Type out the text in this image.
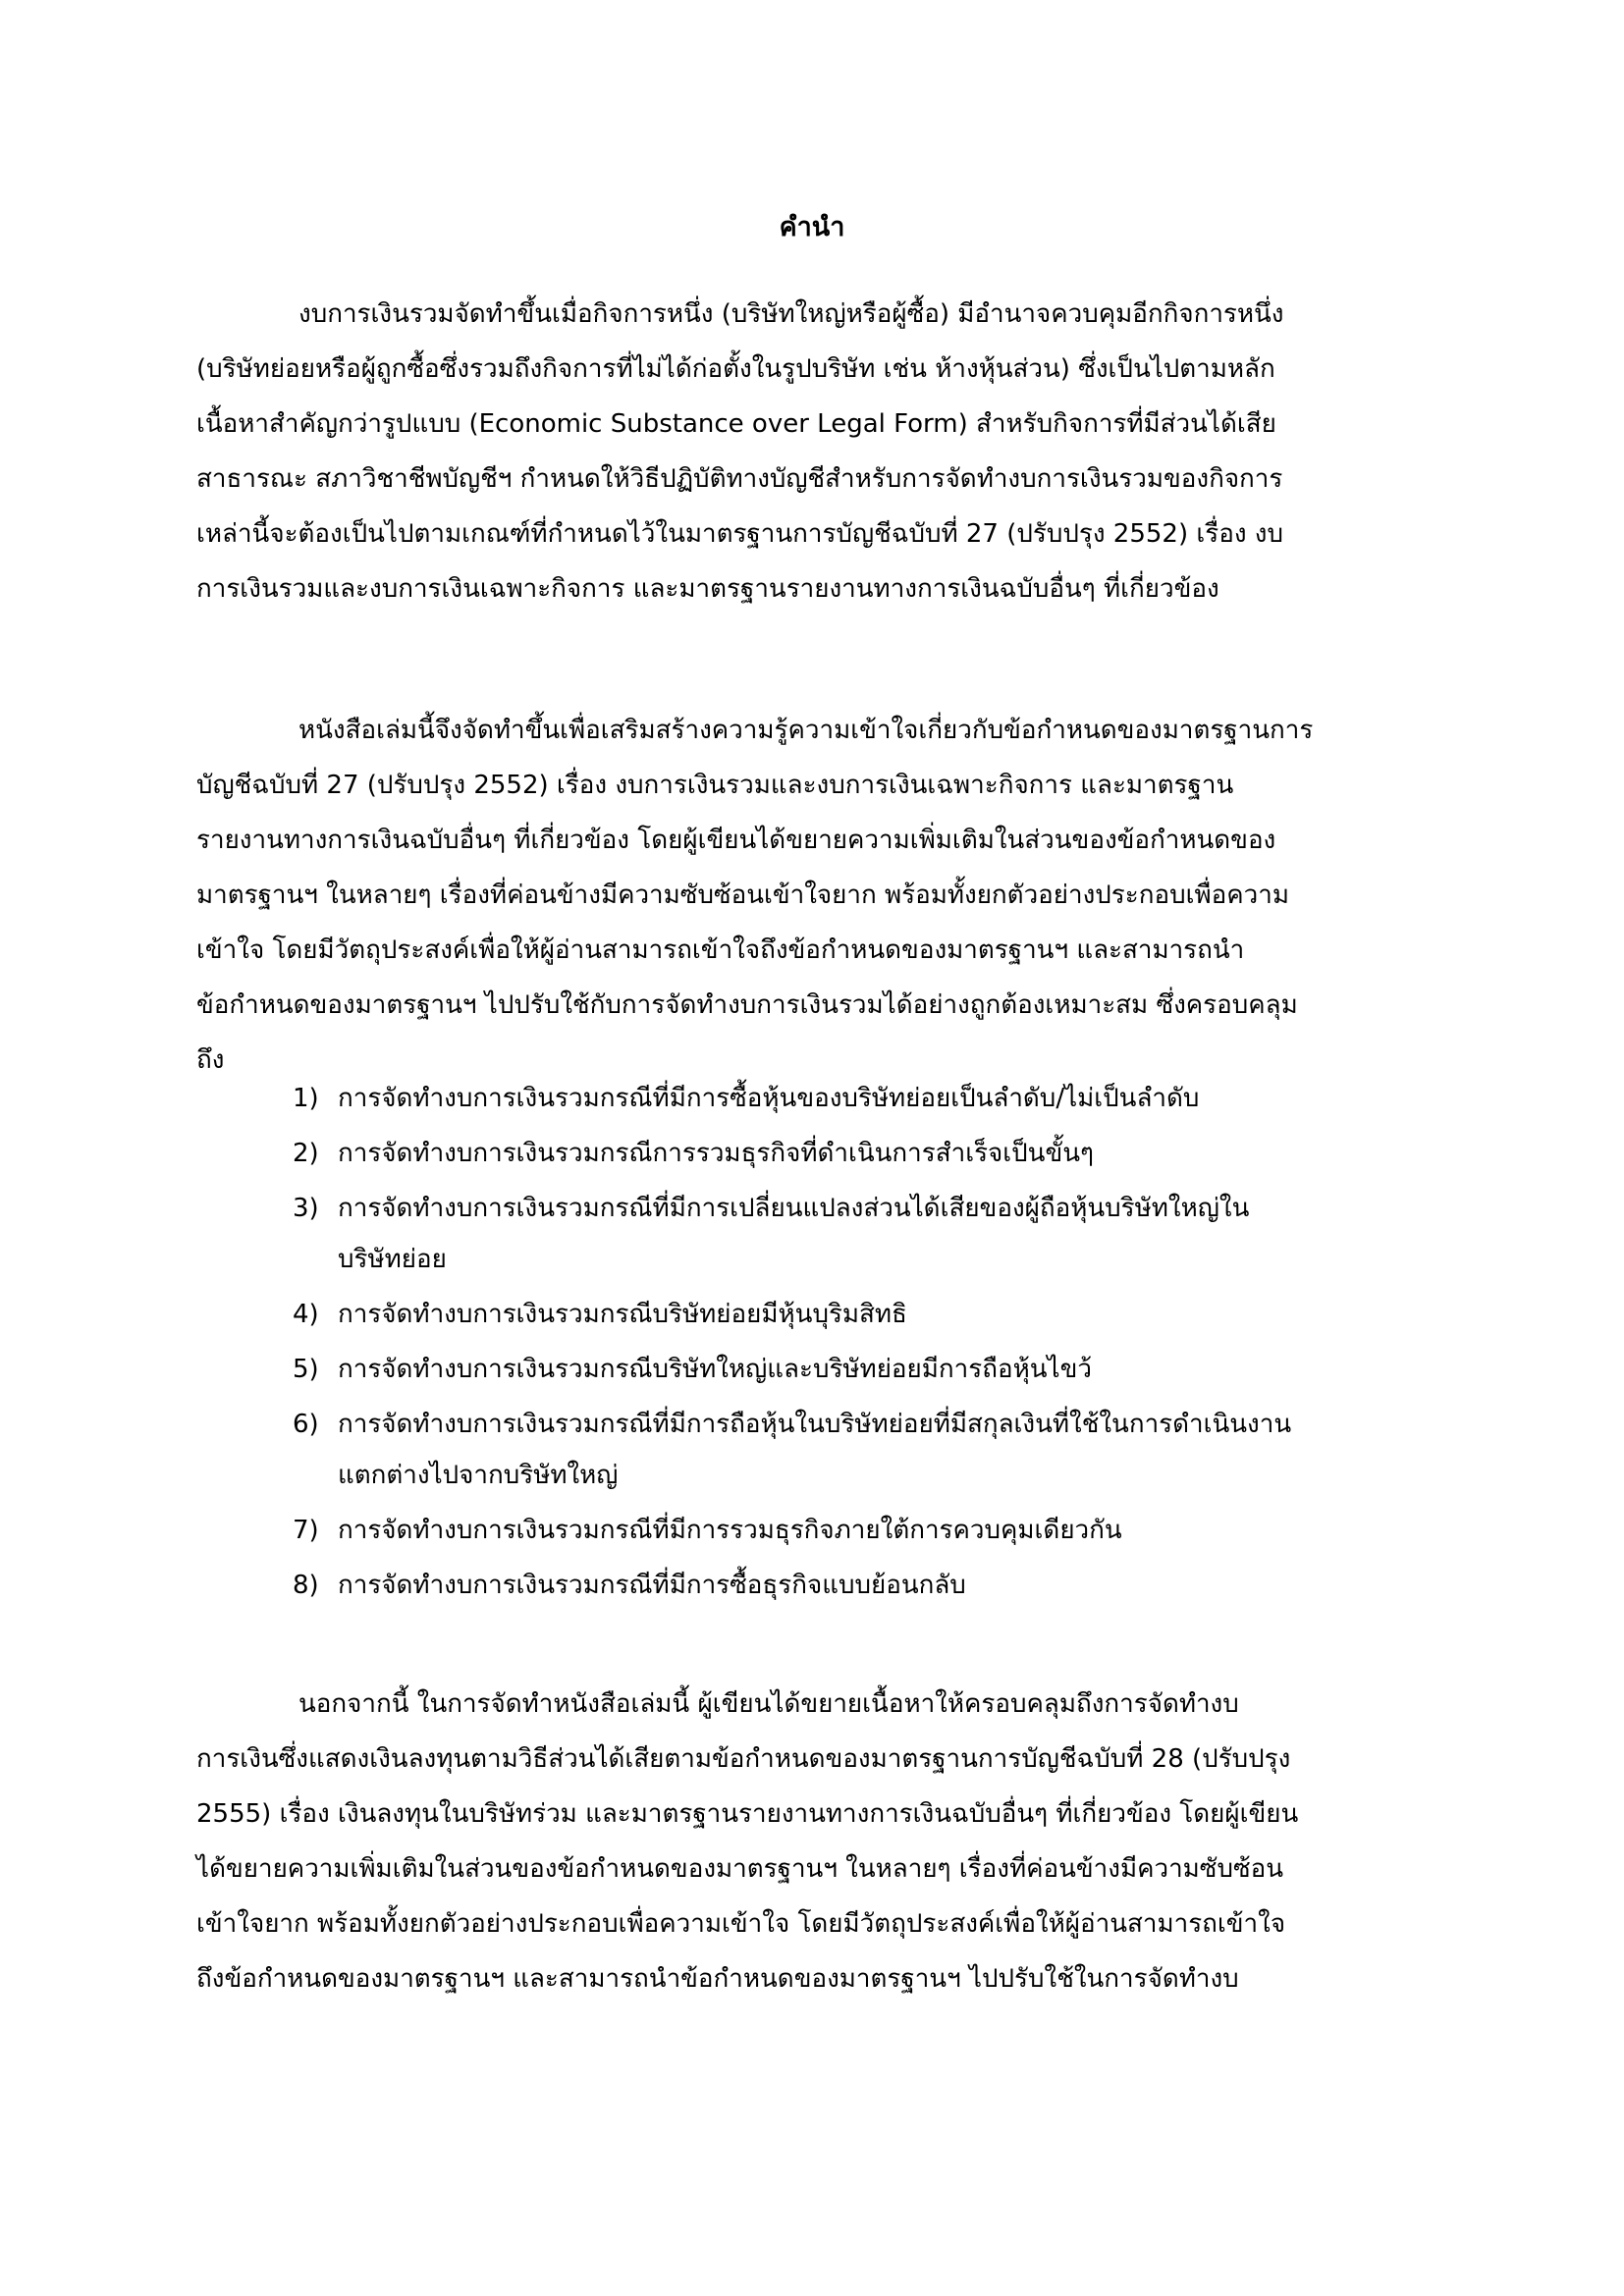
คำนำ

งบการเงินรวมจัดทำขึ้นเมื่อกิจการหนึ่ง (บริษัทใหญ่หรือผู้ซื้อ) มีอำนาจควบคุมอีกกิจการหนึ่ง
(บริษัทย่อยหรือผู้ถูกซื้อซึ่งรวมถึงกิจการที่ไม่ได้ก่อตั้งในรูปบริษัท เช่น ห้างหุ้นส่วน) ซึ่งเป็นไปตามหลัก
เนื้อหาสำคัญกว่ารูปแบบ (Economic Substance over Legal Form) สำหรับกิจการที่มีส่วนได้เสีย
สาธารณะ สภาวิชาชีพบัญชีฯ กำหนดให้วิธีปฏิบัติทางบัญชีสำหรับการจัดทำงบการเงินรวมของกิจการ
เหล่านี้จะต้องเป็นไปตามเกณฑ์ที่กำหนดไว้ในมาตรฐานการบัญชีฉบับที่ 27 (ปรับปรุง 2552) เรื่อง งบ
การเงินรวมและงบการเงินเฉพาะกิจการ และมาตรฐานรายงานทางการเงินฉบับอื่นๆ ที่เกี่ยวข้อง

หนังสือเล่มนี้จึงจัดทำขึ้นเพื่อเสริมสร้างความรู้ความเข้าใจเกี่ยวกับข้อกำหนดของมาตรฐานการ
บัญชีฉบับที่ 27 (ปรับปรุง 2552) เรื่อง งบการเงินรวมและงบการเงินเฉพาะกิจการ และมาตรฐาน
รายงานทางการเงินฉบับอื่นๆ ที่เกี่ยวข้อง โดยผู้เขียนได้ขยายความเพิ่มเติมในส่วนของข้อกำหนดของ
มาตรฐานฯ ในหลายๆ เรื่องที่ค่อนข้างมีความซับซ้อนเข้าใจยาก พร้อมทั้งยกตัวอย่างประกอบเพื่อความ
เข้าใจ โดยมีวัตถุประสงค์เพื่อให้ผู้อ่านสามารถเข้าใจถึงข้อกำหนดของมาตรฐานฯ และสามารถนำ
ข้อกำหนดของมาตรฐานฯ ไปปรับใช้กับการจัดทำงบการเงินรวมได้อย่างถูกต้องเหมาะสม ซึ่งครอบคลุม
ถึง

1) การจัดทำงบการเงินรวมกรณีที่มีการซื้อหุ้นของบริษัทย่อยเป็นลำดับ/ไม่เป็นลำดับ
2) การจัดทำงบการเงินรวมกรณีการรวมธุรกิจที่ดำเนินการสำเร็จเป็นขั้นๆ
3) การจัดทำงบการเงินรวมกรณีที่มีการเปลี่ยนแปลงส่วนได้เสียของผู้ถือหุ้นบริษัทใหญ่ใน
บริษัทย่อย
4) การจัดทำงบการเงินรวมกรณีบริษัทย่อยมีหุ้นบุริมสิทธิ
5) การจัดทำงบการเงินรวมกรณีบริษัทใหญ่และบริษัทย่อยมีการถือหุ้นไขว้
6) การจัดทำงบการเงินรวมกรณีที่มีการถือหุ้นในบริษัทย่อยที่มีสกุลเงินที่ใช้ในการดำเนินงาน
แตกต่างไปจากบริษัทใหญ่
7) การจัดทำงบการเงินรวมกรณีที่มีการรวมธุรกิจภายใต้การควบคุมเดียวกัน
8) การจัดทำงบการเงินรวมกรณีที่มีการซื้อธุรกิจแบบย้อนกลับ

นอกจากนี้ ในการจัดทำหนังสือเล่มนี้ ผู้เขียนได้ขยายเนื้อหาให้ครอบคลุมถึงการจัดทำงบ
การเงินซึ่งแสดงเงินลงทุนตามวิธีส่วนได้เสียตามข้อกำหนดของมาตรฐานการบัญชีฉบับที่ 28 (ปรับปรุง
2555) เรื่อง เงินลงทุนในบริษัทร่วม และมาตรฐานรายงานทางการเงินฉบับอื่นๆ ที่เกี่ยวข้อง โดยผู้เขียน
ได้ขยายความเพิ่มเติมในส่วนของข้อกำหนดของมาตรฐานฯ ในหลายๆ เรื่องที่ค่อนข้างมีความซับซ้อน
เข้าใจยาก พร้อมทั้งยกตัวอย่างประกอบเพื่อความเข้าใจ โดยมีวัตถุประสงค์เพื่อให้ผู้อ่านสามารถเข้าใจ
ถึงข้อกำหนดของมาตรฐานฯ และสามารถนำข้อกำหนดของมาตรฐานฯ ไปปรับใช้ในการจัดทำงบ
